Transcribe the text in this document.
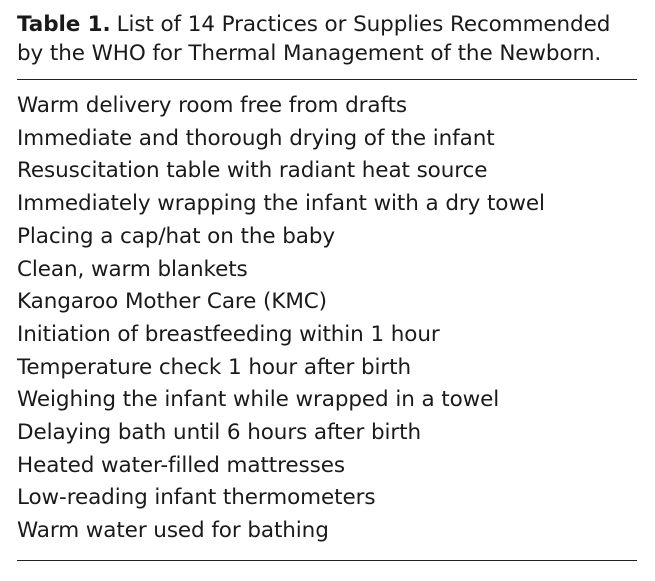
Table 1. List of 14 Practices or Supplies Recommended by the WHO for Thermal Management of the Newborn.

Warm delivery room free from drafts
Immediate and thorough drying of the infant
Resuscitation table with radiant heat source
Immediately wrapping the infant with a dry towel
Placing a cap/hat on the baby
Clean, warm blankets
Kangaroo Mother Care (KMC)
Initiation of breastfeeding within 1 hour
Temperature check 1 hour after birth
Weighing the infant while wrapped in a towel
Delaying bath until 6 hours after birth
Heated water-filled mattresses
Low-reading infant thermometers
Warm water used for bathing
